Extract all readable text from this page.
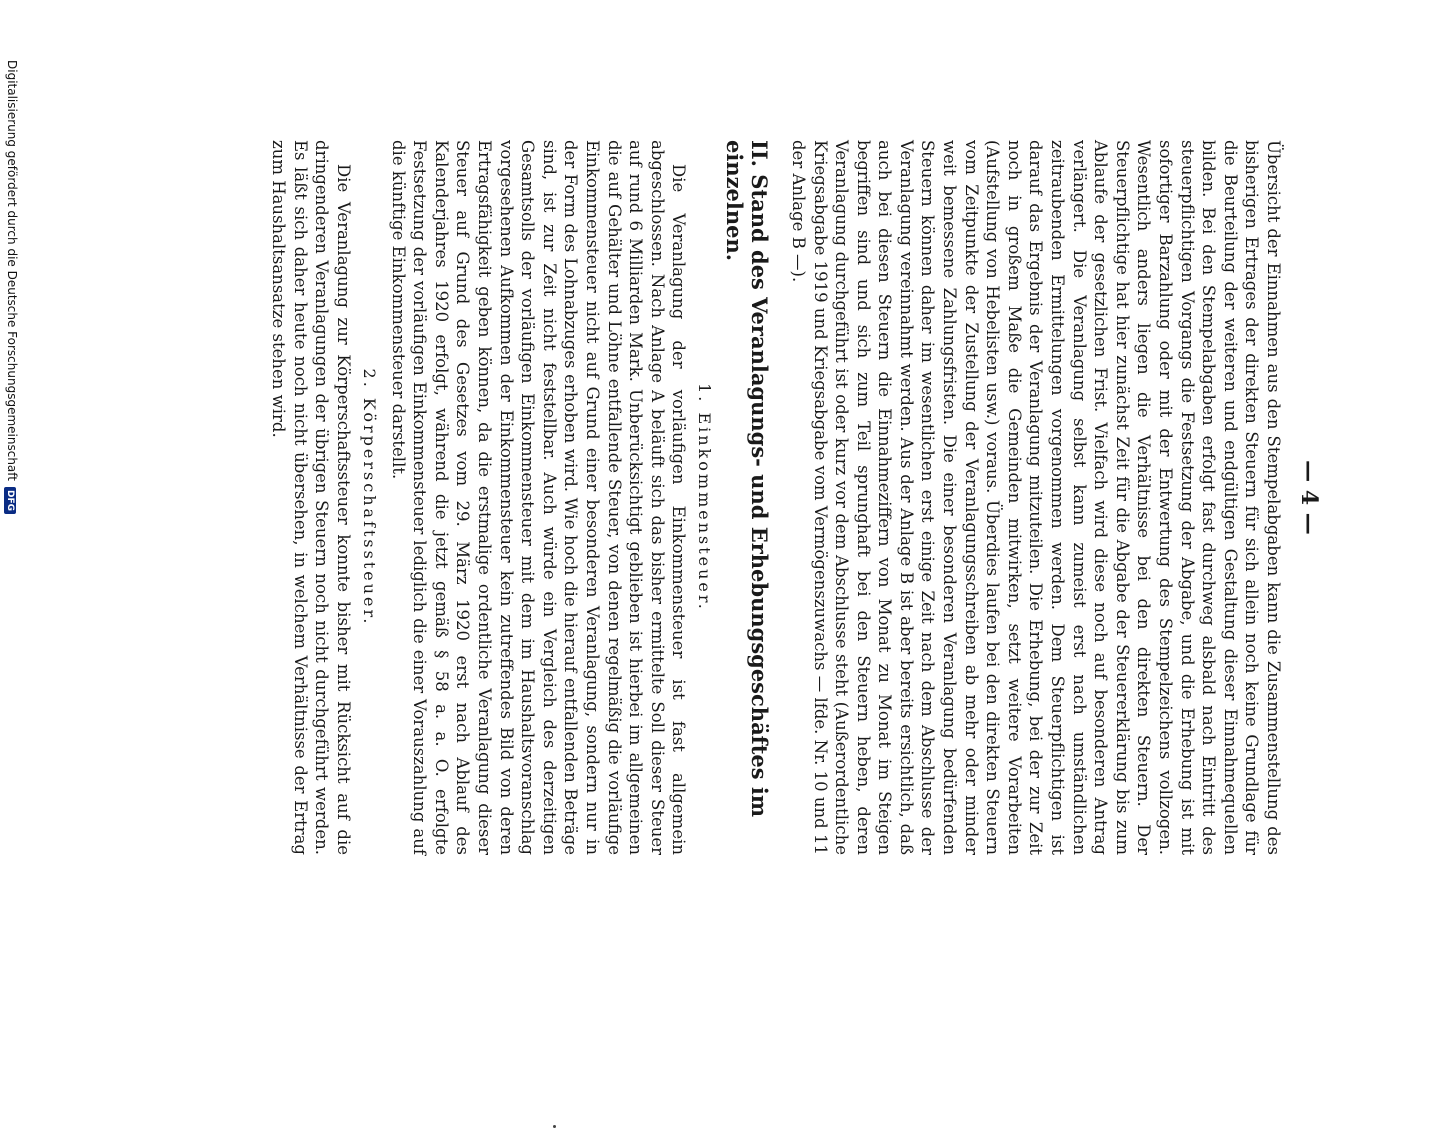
— 4 —

Übersicht der Einnahmen aus den Stempelabgaben kann die Zusammenstellung des bisherigen Ertrages der direkten Steuern für sich allein noch keine Grundlage für die Beurteilung der weiteren und endgültigen Gestaltung dieser Einnahmequellen bilden. Bei den Stempelabgaben erfolgt fast durchweg alsbald nach Eintritt des steuerpflichtigen Vorgangs die Festsetzung der Abgabe, und die Erhebung ist mit sofortiger Barzahlung oder mit der Entwertung des Stempelzeichens vollzogen. Wesentlich anders liegen die Verhältnisse bei den direkten Steuern. Der Steuerpflichtige hat hier zunächst Zeit für die Abgabe der Steuererklärung bis zum Ablaufe der gesetzlichen Frist. Vielfach wird diese noch auf besonderen Antrag verlängert. Die Veranlagung selbst kann zumeist erst nach umständlichen zeitraubenden Ermittelungen vorgenommen werden. Dem Steuerpflichtigen ist darauf das Ergebnis der Veranlagung mitzuteilen. Die Erhebung, bei der zur Zeit noch in großem Maße die Gemeinden mitwirken, setzt weitere Vorarbeiten (Aufstellung von Hebelisten usw.) voraus. Überdies laufen bei den direkten Steuern vom Zeitpunkte der Zustellung der Veranlagungsschreiben ab mehr oder minder weit bemessene Zahlungsfristen. Die einer besonderen Veranlagung bedürfenden Steuern können daher im wesentlichen erst einige Zeit nach dem Abschlusse der Veranlagung vereinnahmt werden. Aus der Anlage B ist aber bereits ersichtlich, daß auch bei diesen Steuern die Einnahmeziffern von Monat zu Monat im Steigen begriffen sind und sich zum Teil sprunghaft bei den Steuern heben, deren Veranlagung durchgeführt ist oder kurz vor dem Abschlusse steht (Außerordentliche Kriegsabgabe 1919 und Kriegsabgabe vom Vermögenszuwachs — lfde. Nr. 10 und 11 der Anlage B —).

II. Stand des Veranlagungs- und Erhebungsgeschäftes im einzelnen.
1. Einkommensteuer.

Die Veranlagung der vorläufigen Einkommensteuer ist fast allgemein abgeschlossen. Nach Anlage A beläuft sich das bisher ermittelte Soll dieser Steuer auf rund 6 Milliarden Mark. Unberücksichtigt geblieben ist hierbei im allgemeinen die auf Gehälter und Löhne entfallende Steuer, von denen regelmäßig die vorläufige Einkommensteuer nicht auf Grund einer besonderen Veranlagung, sondern nur in der Form des Lohnabzuges erhoben wird. Wie hoch die hierauf entfallenden Beträge sind, ist zur Zeit nicht feststellbar. Auch würde ein Vergleich des derzeitigen Gesamtsolls der vorläufigen Einkommensteuer mit dem im Haushaltsvoranschlag vorgesehenen Aufkommen der Einkommensteuer kein zutreffendes Bild von deren Ertragsfähigkeit geben können, da die erstmalige ordentliche Veranlagung dieser Steuer auf Grund des Gesetzes vom 29. März 1920 erst nach Ablauf des Kalenderjahres 1920 erfolgt, während die jetzt gemäß § 58 a. a. O. erfolgte Festsetzung der vorläufigen Einkommensteuer lediglich die einer Vorauszahlung auf die künftige Einkommensteuer darstellt.

2. Körperschaftssteuer.

Die Veranlagung zur Körperschaftssteuer konnte bisher mit Rücksicht auf die dringenderen Veranlagungen der übrigen Steuern noch nicht durchgeführt werden. Es läßt sich daher heute noch nicht übersehen, in welchem Verhältnisse der Ertrag zum Haushaltsansatze stehen wird.

Digitalisierung gefördert durch die Deutsche ForschungsgemeinschaftDFG
